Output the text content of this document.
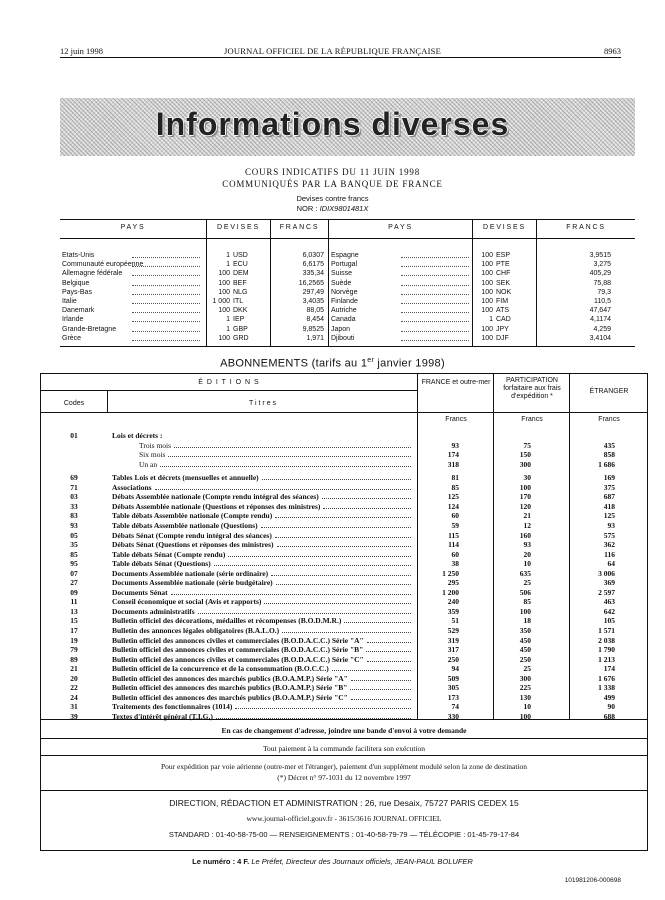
12 juin 1998	JOURNAL OFFICIEL DE LA RÉPUBLIQUE FRANÇAISE	8963
Informations diverses
COURS INDICATIFS DU 11 JUIN 1998
COMMUNIQUÉS PAR LA BANQUE DE FRANCE
Devises contre francs
NOR : IDIX9801481X
PAYS	DEVISES	FRANCS	PAYS	DEVISES	FRANCS
Etats-Unis	1 USD	6,0307
Communauté européenne	1 ECU	6,6175
Allemagne fédérale	100 DEM	335,34
Belgique	100 BEF	16,2565
Pays-Bas	100 NLG	297,49
Italie	1 000 ITL	3,4035
Danemark	100 DKK	88,05
Irlande	1 IEP	8,454
Grande-Bretagne	1 GBP	9,8525
Grèce	100 GRD	1,971
Espagne	100 ESP	3,9515
Portugal	100 PTE	3,275
Suisse	100 CHF	405,29
Suède	100 SEK	75,88
Norvège	100 NOK	79,3
Finlande	100 FIM	110,5
Autriche	100 ATS	47,647
Canada	1 CAD	4,1174
Japon	100 JPY	4,259
Djibouti	100 DJF	3,4104
ABONNEMENTS (tarifs au 1er janvier 1998)
É D I T I O N S
Codes	T i t r e s
FRANCE et outre-mer	PARTICIPATION forfaitaire aux frais d'expédition *
ÉTRANGER
Francs	Francs	Francs
01	Lois et décrets :
Trois mois	93	75	435
Six mois	174	150	858
Un an	318	300	1 686
69	Tables Lois et décrets (mensuelles et annuelle)	81	30	169
71	Associations	85	100	375
03	Débats Assemblée nationale (Compte rendu intégral des séances)	125	170	687
33	Débats Assemblée nationale (Questions et réponses des ministres)	124	120	418
83	Table débats Assemblée nationale (Compte rendu)	60	21	125
93	Table débats Assemblée nationale (Questions)	59	12	93
05	Débats Sénat (Compte rendu intégral des séances)	115	160	575
35	Débats Sénat (Questions et réponses des ministres)	114	93	362
85	Table débats Sénat (Compte rendu)	60	20	116
95	Table débats Sénat (Questions)	38	10	64
07	Documents Assemblée nationale (série ordinaire)	1 250	635	3 006
27	Documents Assemblée nationale (série budgétaire)	295	25	369
09	Documents Sénat	1 200	506	2 597
11	Conseil économique et social (Avis et rapports)	240	85	463
13	Documents administratifs	359	100	642
15	Bulletin officiel des décorations, médailles et récompenses (B.O.D.M.R.)	51	18	105
17	Bulletin des annonces légales obligatoires (B.A.L.O.)	529	350	1 571
19	Bulletin officiel des annonces civiles et commerciales (B.O.D.A.C.C.) Série "A"	319	450	2 038
79	Bulletin officiel des annonces civiles et commerciales (B.O.D.A.C.C.) Série "B"	317	450	1 790
89	Bulletin officiel des annonces civiles et commerciales (B.O.D.A.C.C.) Série "C"	250	250	1 213
21	Bulletin officiel de la concurrence et de la consommation (B.O.C.C.)	94	25	174
20	Bulletin officiel des annonces des marchés publics (B.O.A.M.P.) Série "A"	509	300	1 676
22	Bulletin officiel des annonces des marchés publics (B.O.A.M.P.) Série "B"	305	225	1 338
24	Bulletin officiel des annonces des marchés publics (B.O.A.M.P.) Série "C"	173	130	499
31	Traitements des fonctionnaires (1014)	74	10	90
39	Textes d'intérêt général (T.I.G.)	330	100	688
En cas de changement d'adresse, joindre une bande d'envoi à votre demande
Tout paiement à la commande facilitera son exécution
Pour expédition par voie aérienne (outre-mer et l'étranger), paiement d'un supplément modulé selon la zone de destination
(*) Décret n° 97-1031 du 12 novembre 1997
DIRECTION, RÉDACTION ET ADMINISTRATION : 26, rue Desaix, 75727 PARIS CEDEX 15
www.journal-officiel.gouv.fr - 3615/3616 JOURNAL OFFICIEL
STANDARD : 01-40-58-75-00 — RENSEIGNEMENTS : 01-40-58-79-79 — TÉLÉCOPIE : 01-45-79-17-84
Le numéro : 4 F. Le Préfet, Directeur des Journaux officiels, JEAN-PAUL BOLUFER
101981206-000698
